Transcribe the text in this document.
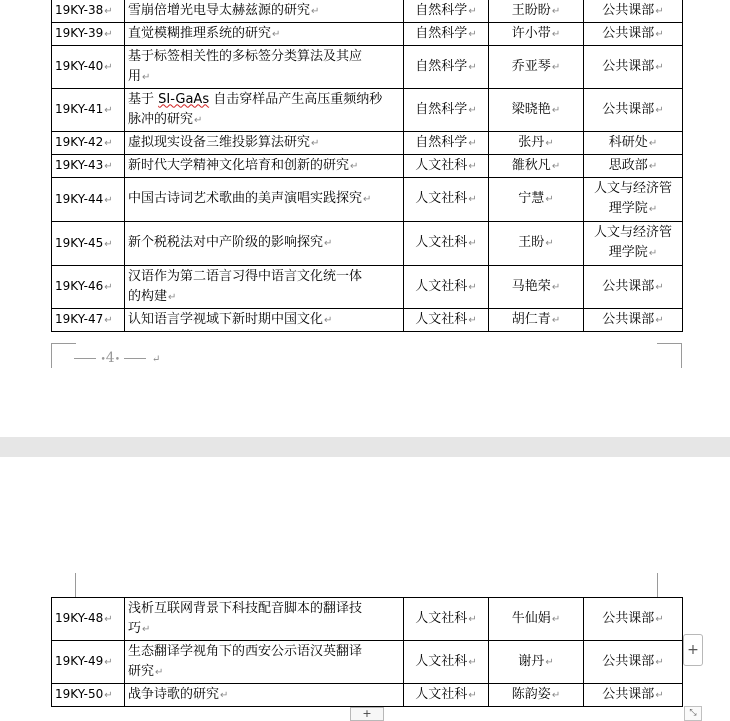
19KY-38↵	雪崩倍增光电导太赫兹源的研究↵	自然科学↵	王盼盼↵	公共课部↵
19KY-39↵	直觉模糊推理系统的研究↵	自然科学↵	许小带↵	公共课部↵
19KY-40↵	基于标签相关性的多标签分类算法及其应
用↵	自然科学↵	乔亚琴↵	公共课部↵
19KY-41↵	基于 SI-GaAs 自击穿样品产生高压重频纳秒
脉冲的研究↵	自然科学↵	梁晓艳↵	公共课部↵
19KY-42↵	虚拟现实设备三维投影算法研究↵	自然科学↵	张丹↵	科研处↵
19KY-43↵	新时代大学精神文化培育和创新的研究↵	人文社科↵	雒秋凡↵	思政部↵
19KY-44↵	中国古诗词艺术歌曲的美声演唱实践探究↵	人文社科↵	宁慧↵	人文与经济管
理学院↵
19KY-45↵	新个税税法对中产阶级的影响探究↵	人文社科↵	王盼↵	人文与经济管
理学院↵
19KY-46↵	汉语作为第二语言习得中语言文化统一体
的构建↵	人文社科↵	马艳荣↵	公共课部↵
19KY-47↵	认知语言学视域下新时期中国文化↵	人文社科↵	胡仁青↵	公共课部↵
•4•	↵
19KY-48↵	浅析互联网背景下科技配音脚本的翻译技
巧↵	人文社科↵	牛仙娟↵	公共课部↵
19KY-49↵	生态翻译学视角下的西安公示语汉英翻译
研究↵	人文社科↵	谢丹↵	公共课部↵
19KY-50↵	战争诗歌的研究↵	人文社科↵	陈韵姿↵	公共课部↵
+
+	⤡
